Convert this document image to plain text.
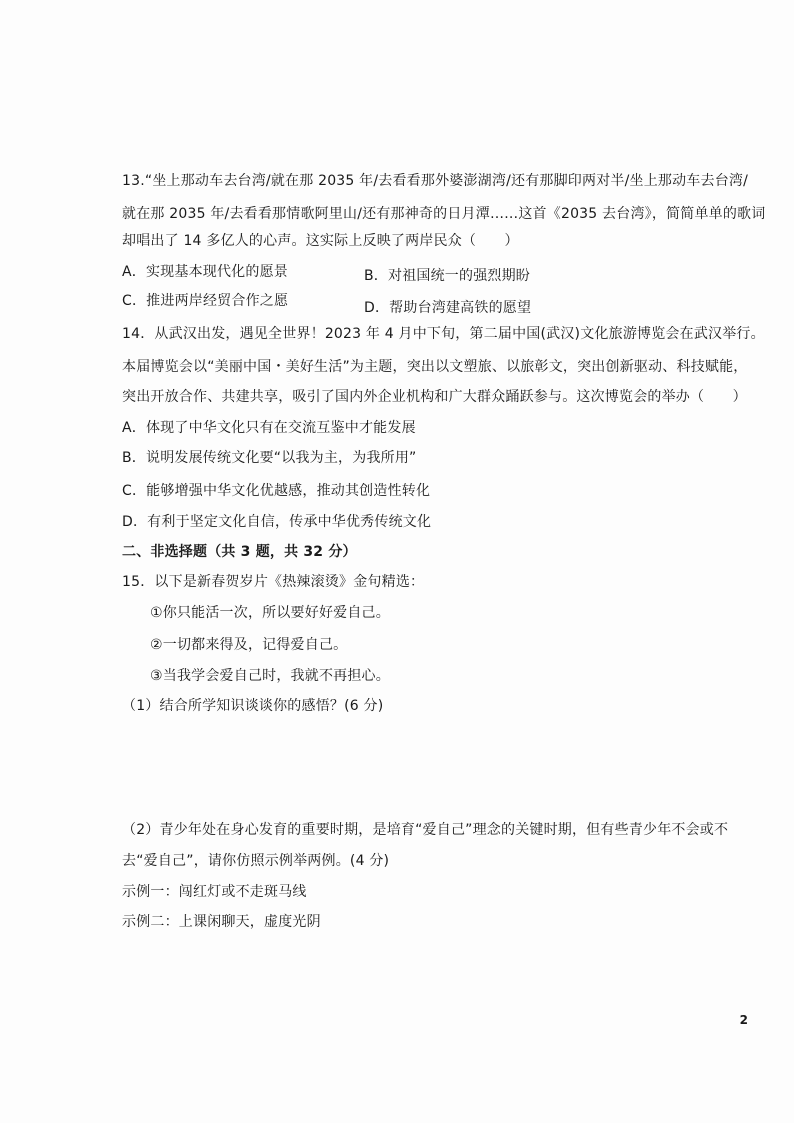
13.“坐上那动车去台湾/就在那 2035 年/去看看那外婆澎湖湾/还有那脚印两对半/坐上那动车去台湾/
就在那 2035 年/去看看那情歌阿里山/还有那神奇的日月潭……这首《2035 去台湾》，简简单单的歌词
却唱出了 14 多亿人的心声。这实际上反映了两岸民众（　　）
A．实现基本现代化的愿景	B．对祖国统一的强烈期盼
C．推进两岸经贸合作之愿	D．帮助台湾建高铁的愿望
14．从武汉出发，遇见全世界！2023 年 4 月中下旬，第二届中国(武汉)文化旅游博览会在武汉举行。
本届博览会以“美丽中国・美好生活”为主题，突出以文塑旅、以旅彰文，突出创新驱动、科技赋能，
突出开放合作、共建共享，吸引了国内外企业机构和广大群众踊跃参与。这次博览会的举办（　　）
A．体现了中华文化只有在交流互鉴中才能发展
B．说明发展传统文化要“以我为主，为我所用”
C．能够增强中华文化优越感，推动其创造性转化
D．有利于坚定文化自信，传承中华优秀传统文化
二、非选择题（共 3 题，共 32 分）
15．以下是新春贺岁片《热辣滚烫》金句精选：
①你只能活一次，所以要好好爱自己。
②一切都来得及，记得爱自己。
③当我学会爱自己时，我就不再担心。
（1）结合所学知识谈谈你的感悟？(6 分)
（2）青少年处在身心发育的重要时期，是培育“爱自己”理念的关键时期，但有些青少年不会或不
去“爱自己”，请你仿照示例举两例。(4 分)
示例一：闯红灯或不走斑马线
示例二：上课闲聊天，虚度光阴
2
